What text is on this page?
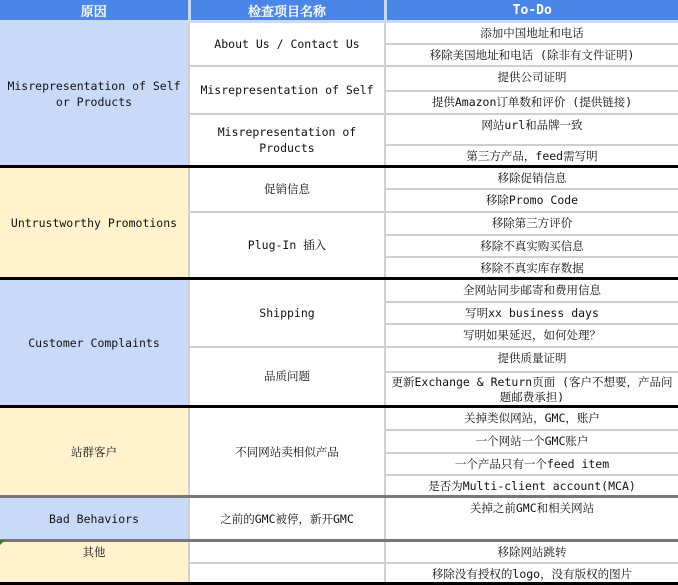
原因	检查项目名称	To-Do
Misrepresentation of Self or Products	About Us / Contact Us	添加中国地址和电话
		移除美国地址和电话 (除非有文件证明)
	Misrepresentation of Self	提供公司证明
		提供Amazon订单数和评价 (提供链接)
	Misrepresentation of Products	网站url和品牌一致
		第三方产品，feed需写明
Untrustworthy Promotions	促销信息	移除促销信息
		移除Promo Code
	Plug-In 插入	移除第三方评价
		移除不真实购买信息
		移除不真实库存数据
Customer Complaints	Shipping	全网站同步邮寄和费用信息
		写明xx business days
		写明如果延迟，如何处理？
	品质问题	提供质量证明
		更新Exchange & Return页面 (客户不想要，产品问题邮费承担)
站群客户	不同网站卖相似产品	关掉类似网站，GMC，账户
		一个网站一个GMC账户
		一个产品只有一个feed item
		是否为Multi-client account(MCA)
Bad Behaviors	之前的GMC被停，新开GMC	关掉之前GMC和相关网站
其他		移除网站跳转
		移除没有授权的logo，没有版权的图片
